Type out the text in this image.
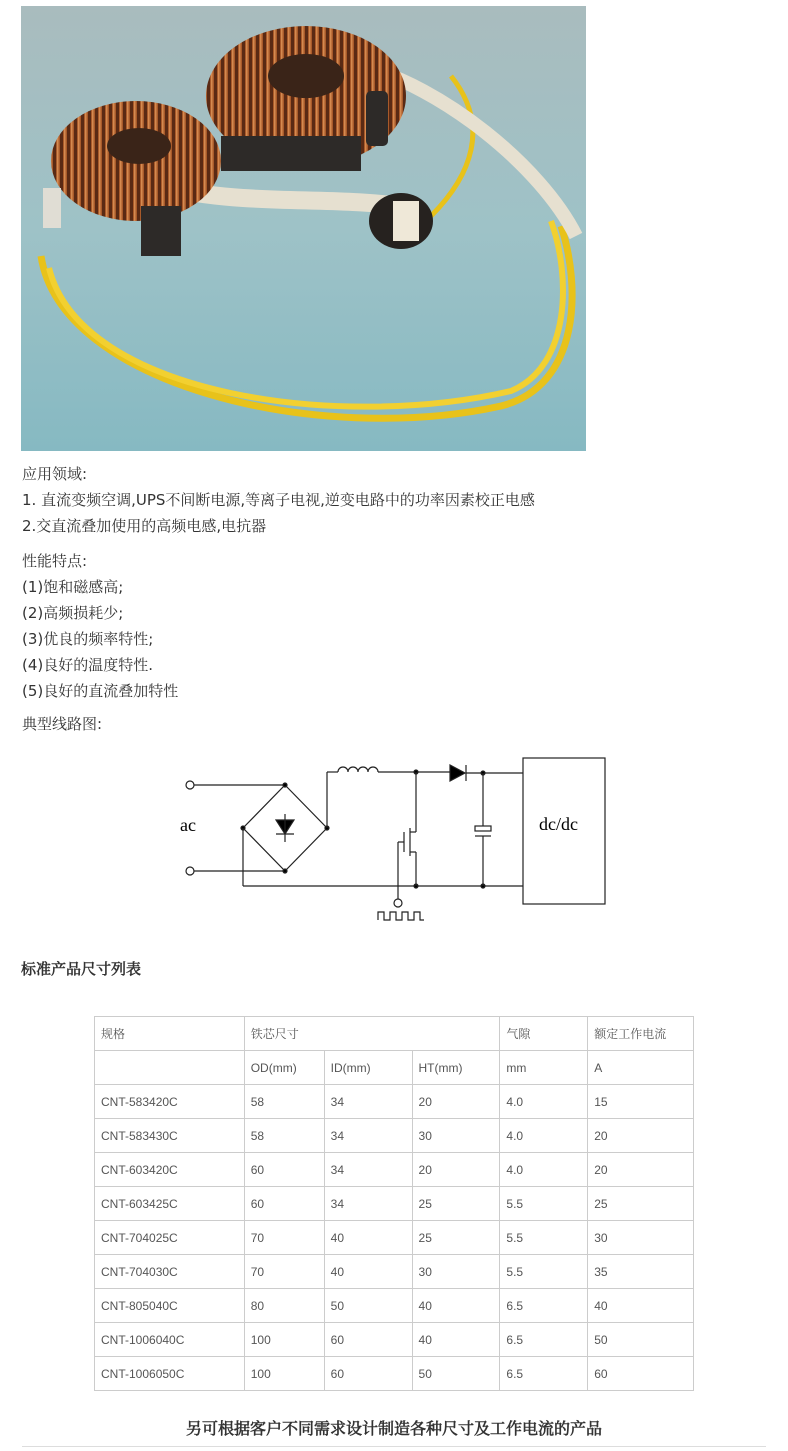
应用领域:
1. 直流变频空调,UPS不间断电源,等离子电视,逆变电路中的功率因素校正电感
2.交直流叠加使用的高频电感,电抗器
性能特点:
(1)饱和磁感高;
(2)高频损耗少;
(3)优良的频率特性;
(4)良好的温度特性.
(5)良好的直流叠加特性
典型线路图:
ac	dc/dc
标准产品尺寸列表
规格	铁芯尺寸			气隙	额定工作电流
	OD(mm)	ID(mm)	HT(mm)	mm	A
CNT-583420C	58	34	20	4.0	15
CNT-583430C	58	34	30	4.0	20
CNT-603420C	60	34	20	4.0	20
CNT-603425C	60	34	25	5.5	25
CNT-704025C	70	40	25	5.5	30
CNT-704030C	70	40	30	5.5	35
CNT-805040C	80	50	40	6.5	40
CNT-1006040C	100	60	40	6.5	50
CNT-1006050C	100	60	50	6.5	60
另可根据客户不同需求设计制造各种尺寸及工作电流的产品
